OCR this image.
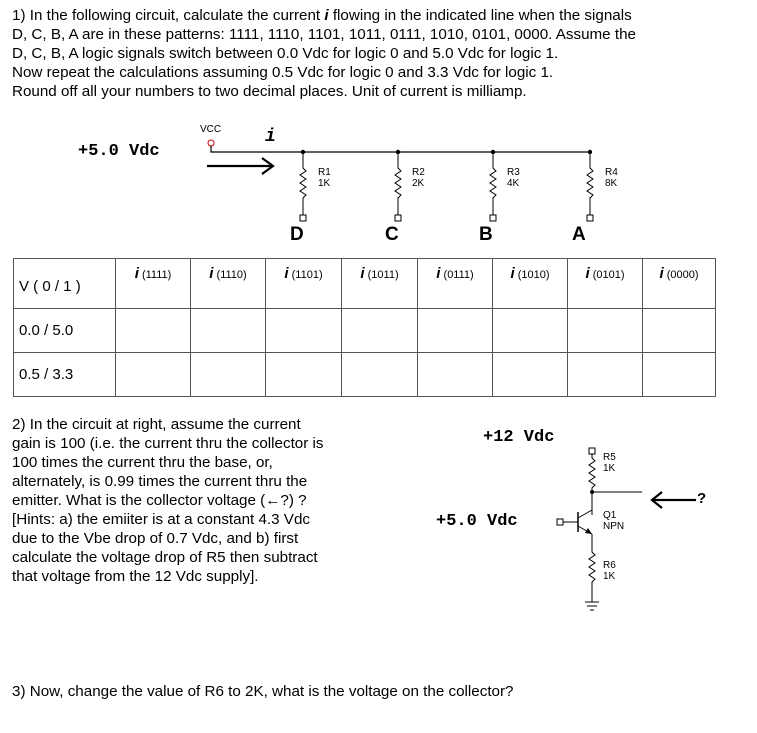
1) In the following circuit, calculate the current i flowing in the indicated line when the signals
D, C, B, A are in these patterns: 1111, 1110, 1101, 1011, 0111, 1010, 0101, 0000. Assume the
D, C, B, A logic signals switch between 0.0 Vdc for logic 0 and 5.0 Vdc for logic 1.
Now repeat the calculations assuming 0.5 Vdc for logic 0 and 3.3 Vdc for logic 1.
Round off all your numbers to two decimal places. Unit of current is milliamp.
+5.0 Vdc
VCC i
R1
1K
R2
2K
R3
4K
R4
8K
D	C	B	A
V ( 0 / 1 )	i (1111)	i (1110)	i (1101)	i (1011)	i (0111)	i (1010)	i (0101)	i (0000)
0.0 / 5.0								
0.5 / 3.3								
2) In the circuit at right, assume the current
gain is 100 (i.e. the current thru the collector is
100 times the current thru the base, or,
alternately, is 0.99 times the current thru the
emitter. What is the collector voltage (←?) ?
[Hints: a) the emiiter is at a constant 4.3 Vdc
due to the Vbe drop of 0.7 Vdc, and b) first
calculate the voltage drop of R5 then subtract
that voltage from the 12 Vdc supply].
+12 Vdc
+5.0 Vdc
R5
1K
Q1
NPN
R6
1K
?
3) Now, change the value of R6 to 2K, what is the voltage on the collector?
